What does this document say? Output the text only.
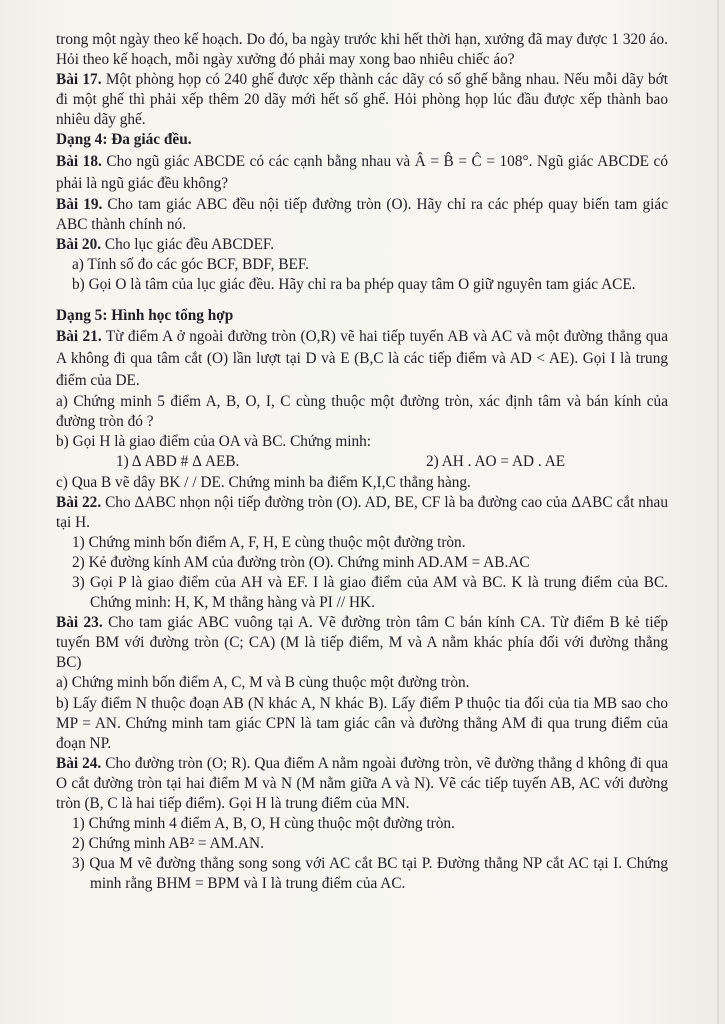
trong một ngày theo kế hoạch. Do đó, ba ngày trước khi hết thời hạn, xưởng đã may được 1 320 áo. Hỏi theo kế hoạch, mỗi ngày xưởng đó phải may xong bao nhiêu chiếc áo?

Bài 17. Một phòng họp có 240 ghế được xếp thành các dãy có số ghế bằng nhau. Nếu mỗi dãy bớt đi một ghế thì phải xếp thêm 20 dãy mới hết số ghế. Hỏi phòng họp lúc đầu được xếp thành bao nhiêu dãy ghế.

Dạng 4: Đa giác đều.

Bài 18. Cho ngũ giác ABCDE có các cạnh bằng nhau và Â = B̂ = Ĉ = 108°. Ngũ giác ABCDE có phải là ngũ giác đều không?

Bài 19. Cho tam giác ABC đều nội tiếp đường tròn (O). Hãy chỉ ra các phép quay biến tam giác ABC thành chính nó.

Bài 20. Cho lục giác đều ABCDEF.

a) Tính số đo các góc BCF, BDF, BEF.

b) Gọi O là tâm của lục giác đều. Hãy chỉ ra ba phép quay tâm O giữ nguyên tam giác ACE.

Dạng 5: Hình học tổng hợp

Bài 21. Từ điểm A ở ngoài đường tròn (O,R) vẽ hai tiếp tuyến AB và AC và một đường thẳng qua A không đi qua tâm cắt (O) lần lượt tại D và E (B,C là các tiếp điểm và AD < AE). Gọi I là trung điểm của DE.

a) Chứng minh 5 điểm A, B, O, I, C cùng thuộc một đường tròn, xác định tâm và bán kính của đường tròn đó ?

b) Gọi H là giao điểm của OA và BC. Chứng minh:

1) Δ ABD # Δ AEB.	2) AH . AO = AD . AE

c) Qua B vẽ dây BK / / DE. Chứng minh ba điểm K,I,C thẳng hàng.

Bài 22. Cho ΔABC nhọn nội tiếp đường tròn (O). AD, BE, CF là ba đường cao của ΔABC cắt nhau tại H.

1) Chứng minh bốn điểm A, F, H, E cùng thuộc một đường tròn.

2) Kẻ đường kính AM của đường tròn (O). Chứng minh AD.AM = AB.AC

3) Gọi P là giao điểm của AH và EF. I là giao điểm của AM và BC. K là trung điểm của BC. Chứng minh: H, K, M thẳng hàng và PI // HK.

Bài 23. Cho tam giác ABC vuông tại A. Vẽ đường tròn tâm C bán kính CA. Từ điểm B kẻ tiếp tuyến BM với đường tròn (C; CA) (M là tiếp điểm, M và A nằm khác phía đối với đường thẳng BC)

a) Chứng minh bốn điểm A, C, M và B cùng thuộc một đường tròn.

b) Lấy điểm N thuộc đoạn AB (N khác A, N khác B). Lấy điểm P thuộc tia đối của tia MB sao cho MP = AN. Chứng minh tam giác CPN là tam giác cân và đường thẳng AM đi qua trung điểm của đoạn NP.

Bài 24. Cho đường tròn (O; R). Qua điểm A nằm ngoài đường tròn, vẽ đường thẳng d không đi qua O cắt đường tròn tại hai điểm M và N (M nằm giữa A và N). Vẽ các tiếp tuyến AB, AC với đường tròn (B, C là hai tiếp điểm). Gọi H là trung điểm của MN.

1) Chứng minh 4 điểm A, B, O, H cùng thuộc một đường tròn.

2) Chứng minh AB² = AM.AN.

3) Qua M vẽ đường thẳng song song với AC cắt BC tại P. Đường thẳng NP cắt AC tại I. Chứng minh rằng BHM = BPM và I là trung điểm của AC.
